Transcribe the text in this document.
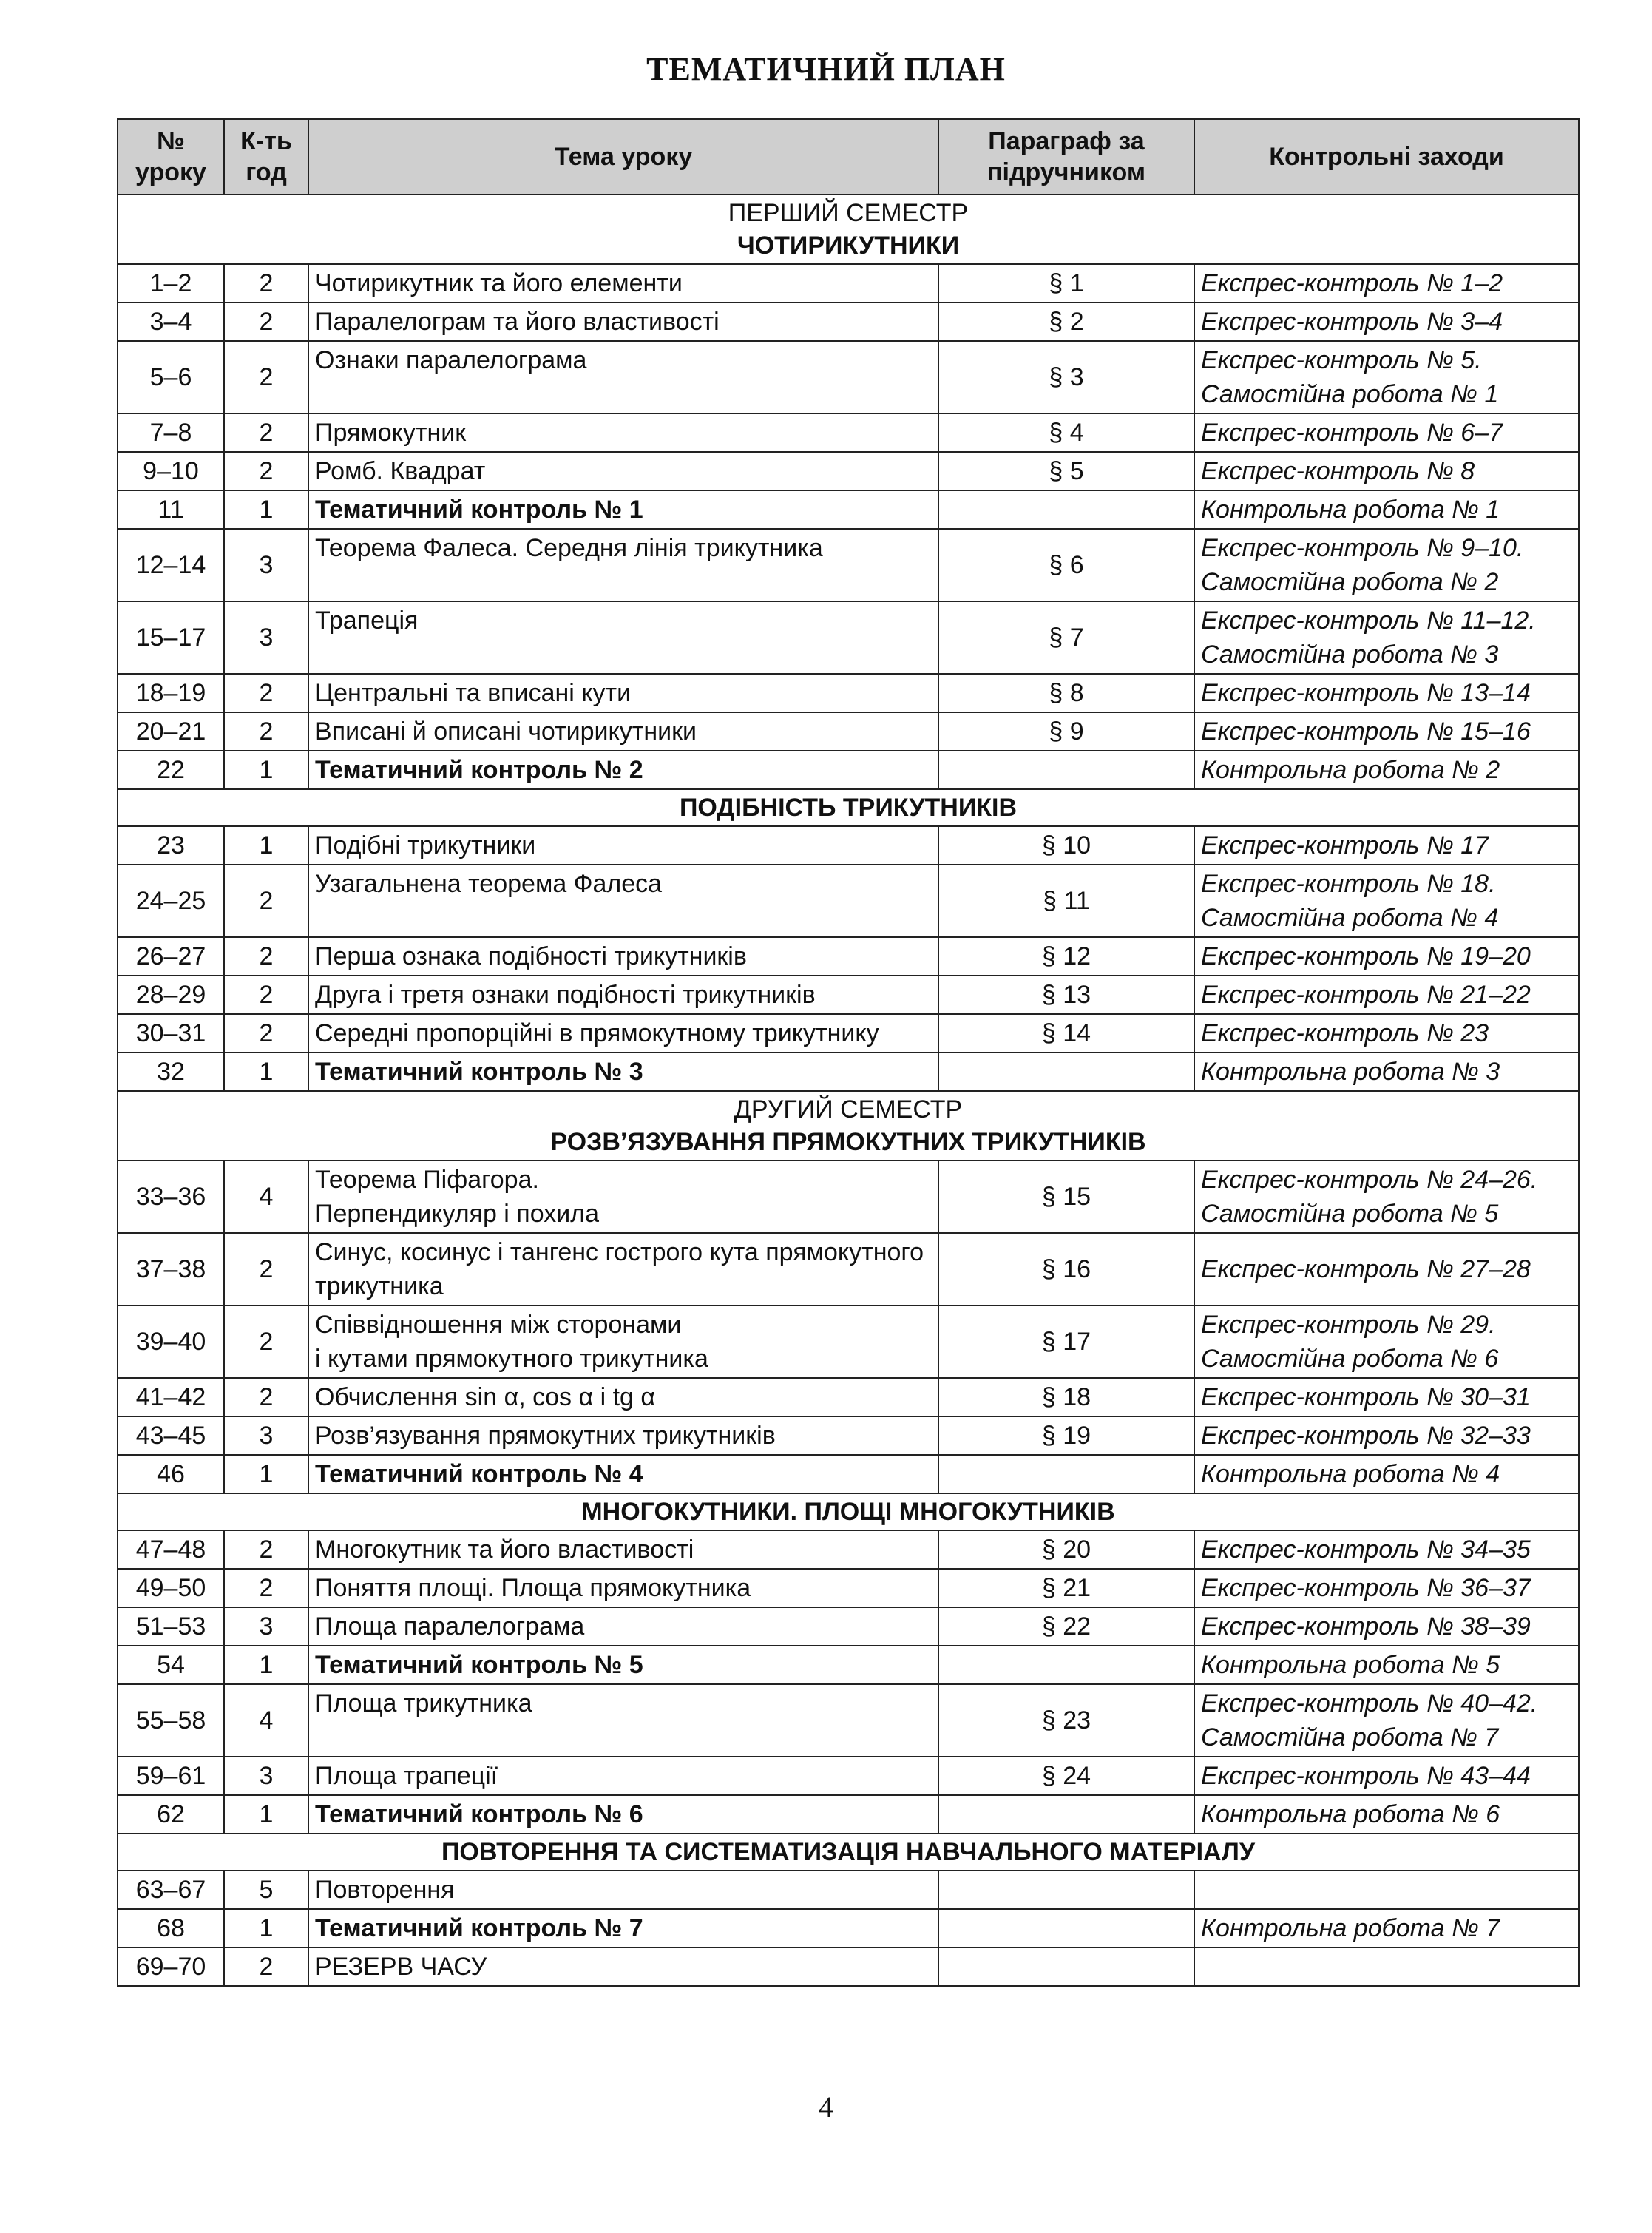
ТЕМАТИЧНИЙ ПЛАН
№ уроку	К-ть год	Тема уроку	Параграф за підручником	Контрольні заходи

ПЕРШИЙ СЕМЕСТР
ЧОТИРИКУТНИКИ				
1–2	2	Чотирикутник та його елементи	§ 1	Експрес-контроль № 1–2
3–4	2	Паралелограм та його властивості	§ 2	Експрес-контроль № 3–4
5–6	2	Ознаки паралелограма	§ 3	Експрес-контроль № 5.
Самостійна робота № 1
7–8	2	Прямокутник	§ 4	Експрес-контроль № 6–7
9–10	2	Ромб. Квадрат	§ 5	Експрес-контроль № 8
11	1	Тематичний контроль № 1		Контрольна робота № 1
12–14	3	Теорема Фалеса. Середня лінія трикутника	§ 6	Експрес-контроль № 9–10.
Самостійна робота № 2
15–17	3	Трапеція	§ 7	Експрес-контроль № 11–12.
Самостійна робота № 3
18–19	2	Центральні та вписані кути	§ 8	Експрес-контроль № 13–14
20–21	2	Вписані й описані чотирикутники	§ 9	Експрес-контроль № 15–16
22	1	Тематичний контроль № 2		Контрольна робота № 2
ПОДІБНІСТЬ ТРИКУТНИКІВ				
23	1	Подібні трикутники	§ 10	Експрес-контроль № 17
24–25	2	Узагальнена теорема Фалеса	§ 11	Експрес-контроль № 18.
Самостійна робота № 4
26–27	2	Перша ознака подібності трикутників	§ 12	Експрес-контроль № 19–20
28–29	2	Друга і третя ознаки подібності трикутників	§ 13	Експрес-контроль № 21–22
30–31	2	Середні пропорційні в прямокутному трикутнику	§ 14	Експрес-контроль № 23
32	1	Тематичний контроль № 3		Контрольна робота № 3

ДРУГИЙ СЕМЕСТР
РОЗВ’ЯЗУВАННЯ ПРЯМОКУТНИХ ТРИКУТНИКІВ				
33–36	4	Теорема Піфагора.
Перпендикуляр і похила	§ 15	Експрес-контроль № 24–26.
Самостійна робота № 5
37–38	2	Синус, косинус і тангенс гострого кута прямокутного трикутника	§ 16	Експрес-контроль № 27–28
39–40	2	Співвідношення між сторонами
і кутами прямокутного трикутника	§ 17	Експрес-контроль № 29.
Самостійна робота № 6
41–42	2	Обчислення sin α, cos α і tg α	§ 18	Експрес-контроль № 30–31
43–45	3	Розв’язування прямокутних трикутників	§ 19	Експрес-контроль № 32–33
46	1	Тематичний контроль № 4		Контрольна робота № 4
МНОГОКУТНИКИ. ПЛОЩІ МНОГОКУТНИКІВ				
47–48	2	Многокутник та його властивості	§ 20	Експрес-контроль № 34–35
49–50	2	Поняття площі. Площа прямокутника	§ 21	Експрес-контроль № 36–37
51–53	3	Площа паралелограма	§ 22	Експрес-контроль № 38–39
54	1	Тематичний контроль № 5		Контрольна робота № 5
55–58	4	Площа трикутника	§ 23	Експрес-контроль № 40–42.
Самостійна робота № 7
59–61	3	Площа трапеції	§ 24	Експрес-контроль № 43–44
62	1	Тематичний контроль № 6		Контрольна робота № 6
ПОВТОРЕННЯ ТА СИСТЕМАТИЗАЦІЯ НАВЧАЛЬНОГО МАТЕРІАЛУ				
63–67	5	Повторення		
68	1	Тематичний контроль № 7		Контрольна робота № 7
69–70	2	РЕЗЕРВ ЧАСУ		
4
